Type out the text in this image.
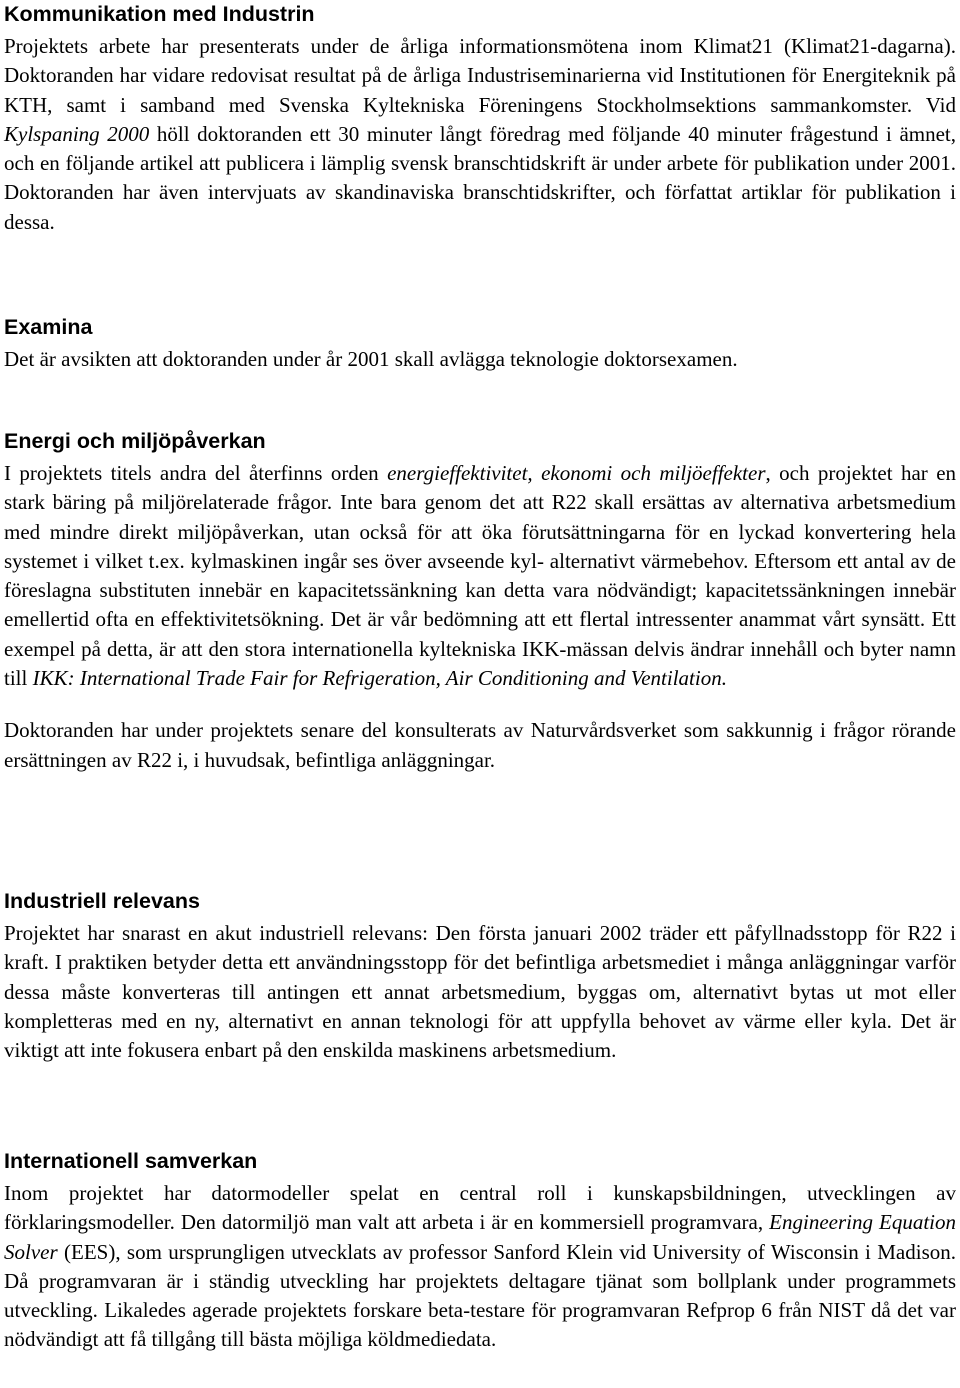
Kommunikation med Industrin

Projektets arbete har presenterats under de årliga informationsmötena inom Klimat21 (Klimat21-dagarna). Doktoranden har vidare redovisat resultat på de årliga Industriseminarierna vid Institutionen för Energiteknik på KTH, samt i samband med Svenska Kyltekniska Föreningens Stockholmsektions sammankomster. Vid Kylspaning 2000 höll doktoranden ett 30 minuter långt föredrag med följande 40 minuter frågestund i ämnet, och en följande artikel att publicera i lämplig svensk branschtidskrift är under arbete för publikation under 2001. Doktoranden har även intervjuats av skandinaviska branschtidskrifter, och författat artiklar för publikation i dessa.

Examina

Det är avsikten att doktoranden under år 2001 skall avlägga teknologie doktorsexamen.

Energi och miljöpåverkan

I projektets titels andra del återfinns orden energieffektivitet, ekonomi och miljöeffekter, och projektet har en stark bäring på miljörelaterade frågor. Inte bara genom det att R22 skall ersättas av alternativa arbetsmedium med mindre direkt miljöpåverkan, utan också för att öka förutsättningarna för en lyckad konvertering hela systemet i vilket t.ex. kylmaskinen ingår ses över avseende kyl- alternativt värmebehov. Eftersom ett antal av de föreslagna substituten innebär en kapacitetssänkning kan detta vara nödvändigt; kapacitetssänkningen innebär emellertid ofta en effektivitetsökning. Det är vår bedömning att ett flertal intressenter anammat vårt synsätt. Ett exempel på detta, är att den stora internationella kyltekniska IKK-mässan delvis ändrar innehåll och byter namn till IKK: International Trade Fair for Refrigeration, Air Conditioning and Ventilation.

Doktoranden har under projektets senare del konsulterats av Naturvårdsverket som sakkunnig i frågor rörande ersättningen av R22 i, i huvudsak, befintliga anläggningar.

Industriell relevans

Projektet har snarast en akut industriell relevans: Den första januari 2002 träder ett påfyllnadsstopp för R22 i kraft. I praktiken betyder detta ett användningsstopp för det befintliga arbetsmediet i många anläggningar varför dessa måste konverteras till antingen ett annat arbetsmedium, byggas om, alternativt bytas ut mot eller kompletteras med en ny, alternativt en annan teknologi för att uppfylla behovet av värme eller kyla. Det är viktigt att inte fokusera enbart på den enskilda maskinens arbetsmedium.

Internationell samverkan

Inom projektet har datormodeller spelat en central roll i kunskapsbildningen, utvecklingen av förklaringsmodeller. Den datormiljö man valt att arbeta i är en kommersiell programvara, Engineering Equation Solver (EES), som ursprungligen utvecklats av professor Sanford Klein vid University of Wisconsin i Madison. Då programvaran är i ständig utveckling har projektets deltagare tjänat som bollplank under programmets utveckling. Likaledes agerade projektets forskare beta-testare för programvaran Refprop 6 från NIST då det var nödvändigt att få tillgång till bästa möjliga köldmediedata.
